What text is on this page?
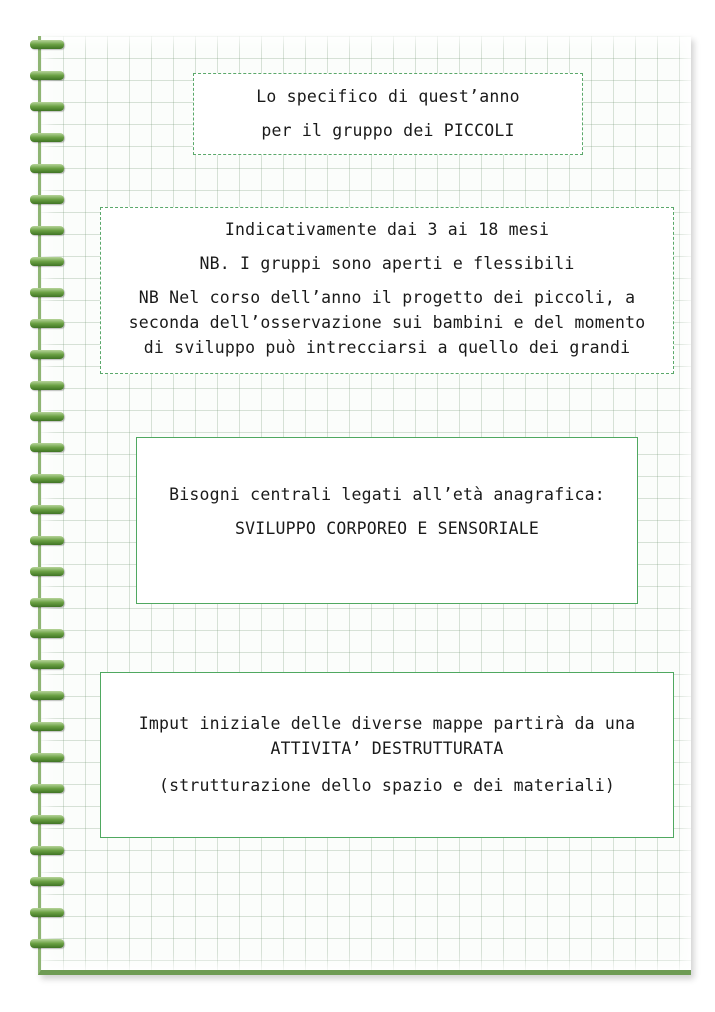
Lo specifico di quest’anno
per il gruppo dei PICCOLI
Indicativamente dai 3 ai 18 mesi
NB. I gruppi sono aperti e flessibili
NB Nel corso dell’anno il progetto dei piccoli, a
seconda dell’osservazione sui bambini e del momento
di sviluppo può intrecciarsi a quello dei grandi
Bisogni centrali legati all’età anagrafica:
SVILUPPO CORPOREO E SENSORIALE
Imput iniziale delle diverse mappe partirà da una
ATTIVITA’ DESTRUTTURATA
(strutturazione dello spazio e dei materiali)
